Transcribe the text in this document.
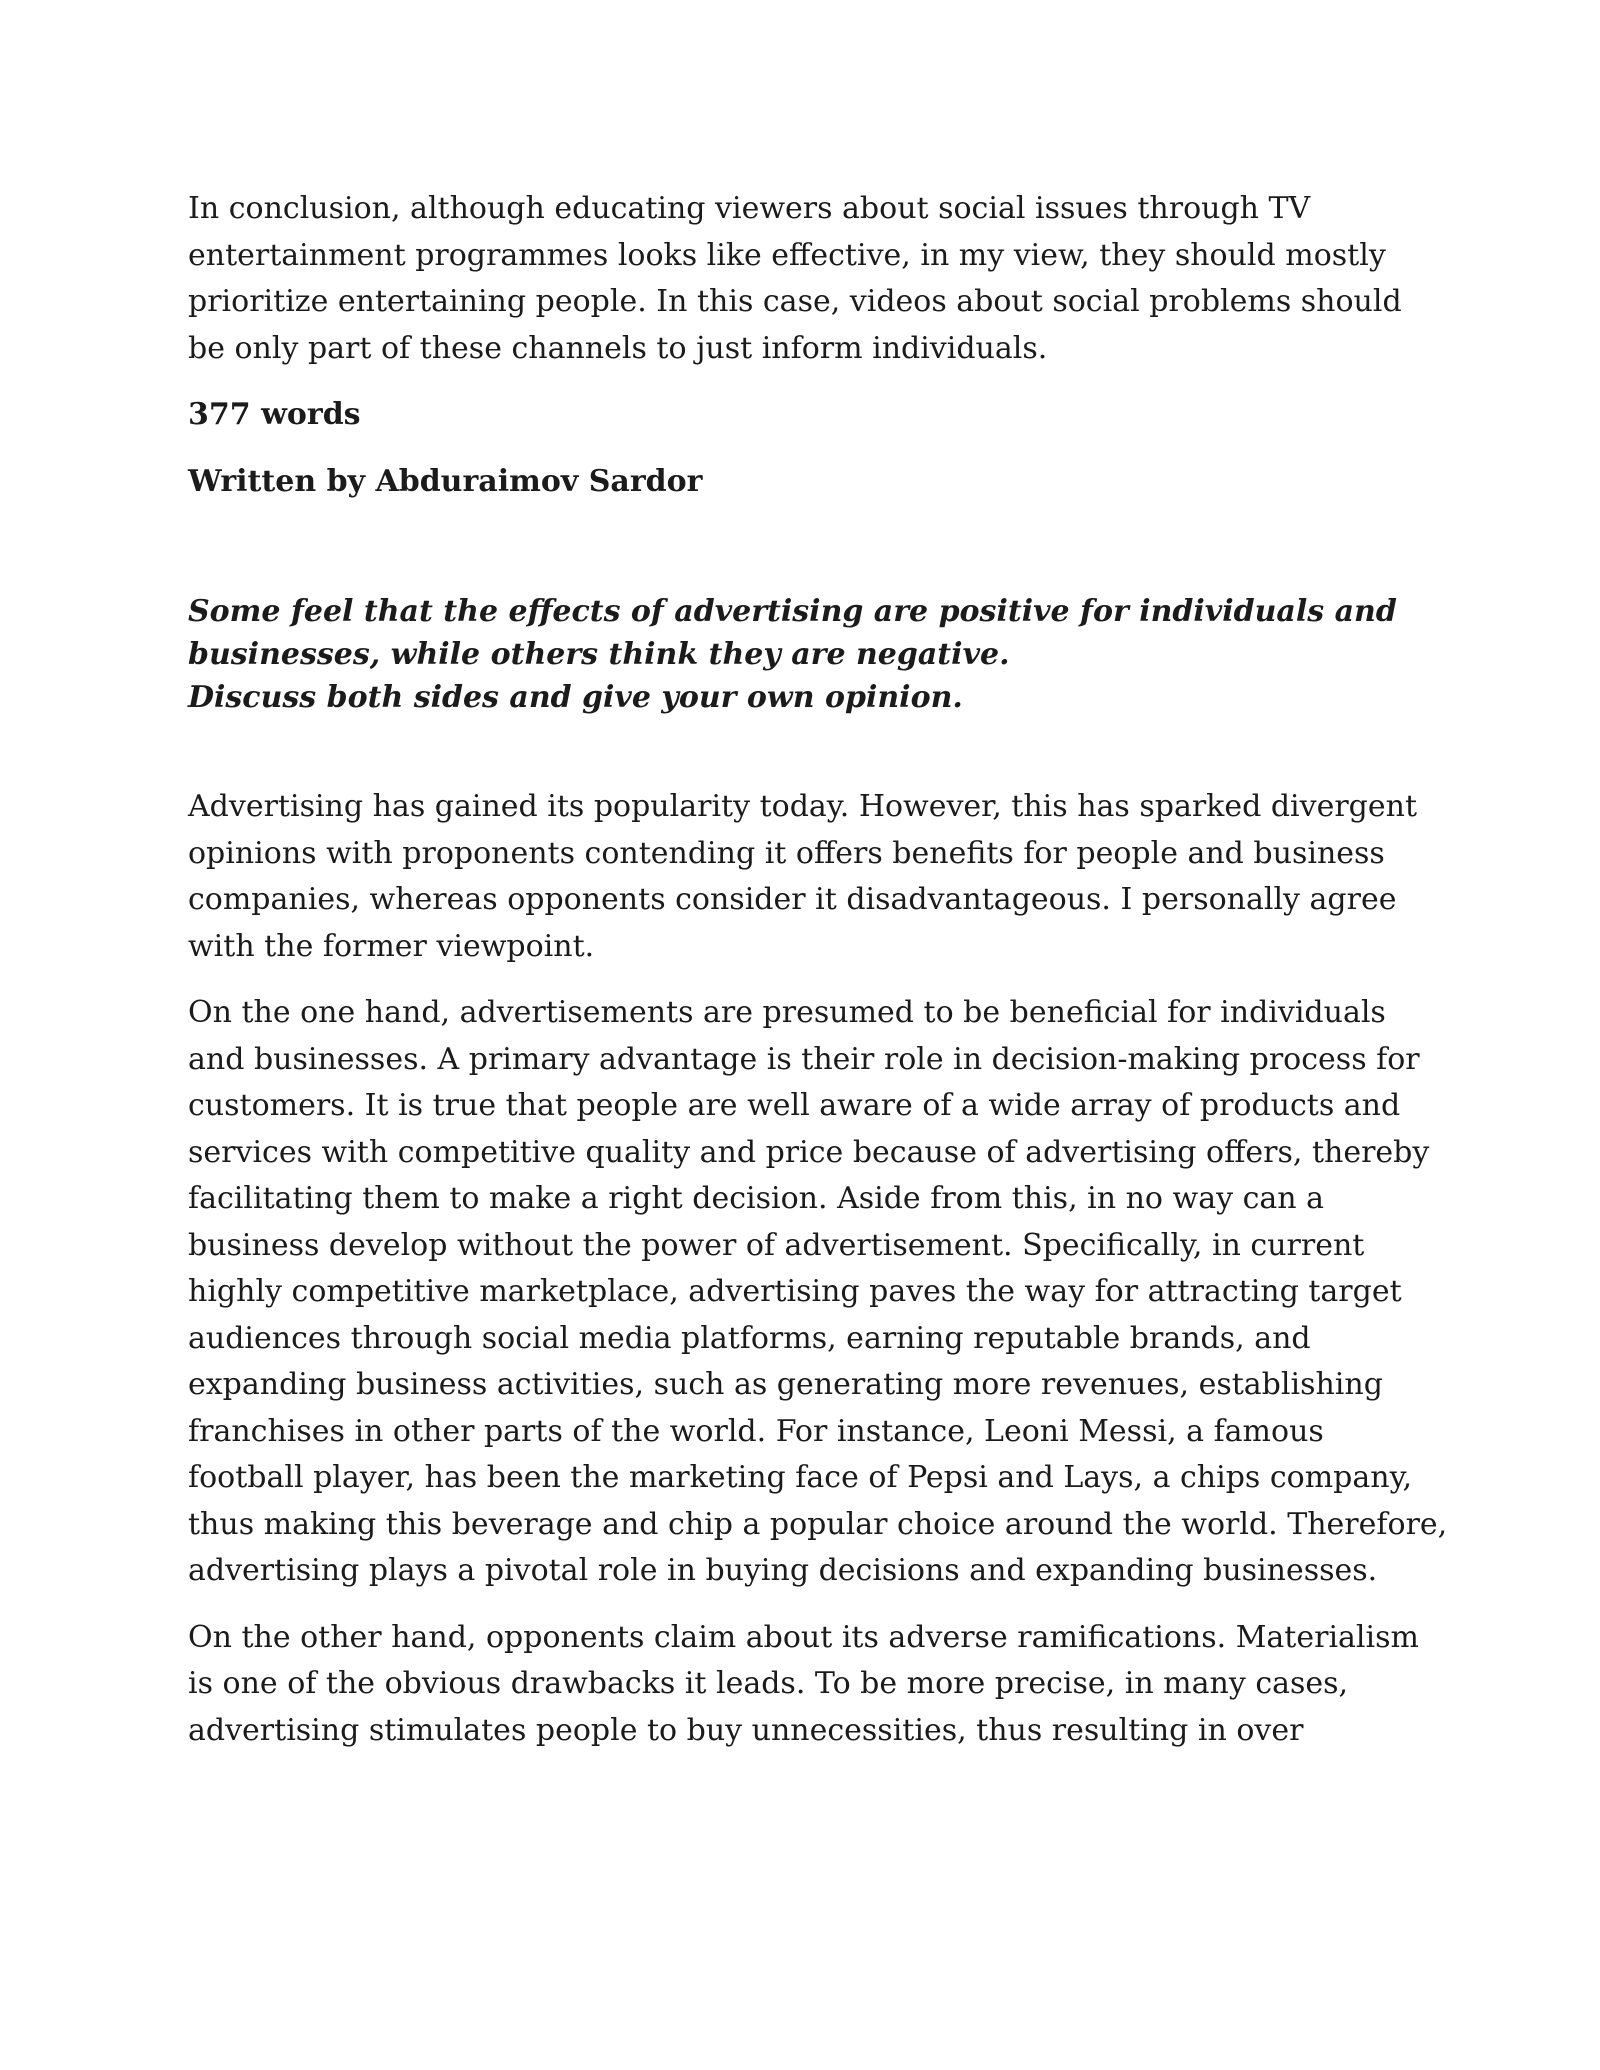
In conclusion, although educating viewers about social issues through TV entertainment programmes looks like effective, in my view, they should mostly prioritize entertaining people. In this case, videos about social problems should be only part of these channels to just inform individuals.

377 words

Written by Abduraimov Sardor

Some feel that the effects of advertising are positive for individuals and
businesses, while others think they are negative.
Discuss both sides and give your own opinion.

Advertising has gained its popularity today. However, this has sparked divergent opinions with proponents contending it offers benefits for people and business companies, whereas opponents consider it disadvantageous. I personally agree with the former viewpoint.

On the one hand, advertisements are presumed to be beneficial for individuals and businesses. A primary advantage is their role in decision-making process for customers. It is true that people are well aware of a wide array of products and services with competitive quality and price because of advertising offers, thereby facilitating them to make a right decision. Aside from this, in no way can a business develop without the power of advertisement. Specifically, in current highly competitive marketplace, advertising paves the way for attracting target audiences through social media platforms, earning reputable brands, and expanding business activities, such as generating more revenues, establishing franchises in other parts of the world. For instance, Leoni Messi, a famous football player, has been the marketing face of Pepsi and Lays, a chips company, thus making this beverage and chip a popular choice around the world. Therefore, advertising plays a pivotal role in buying decisions and expanding businesses.

On the other hand, opponents claim about its adverse ramifications. Materialism is one of the obvious drawbacks it leads. To be more precise, in many cases, advertising stimulates people to buy unnecessities, thus resulting in over
